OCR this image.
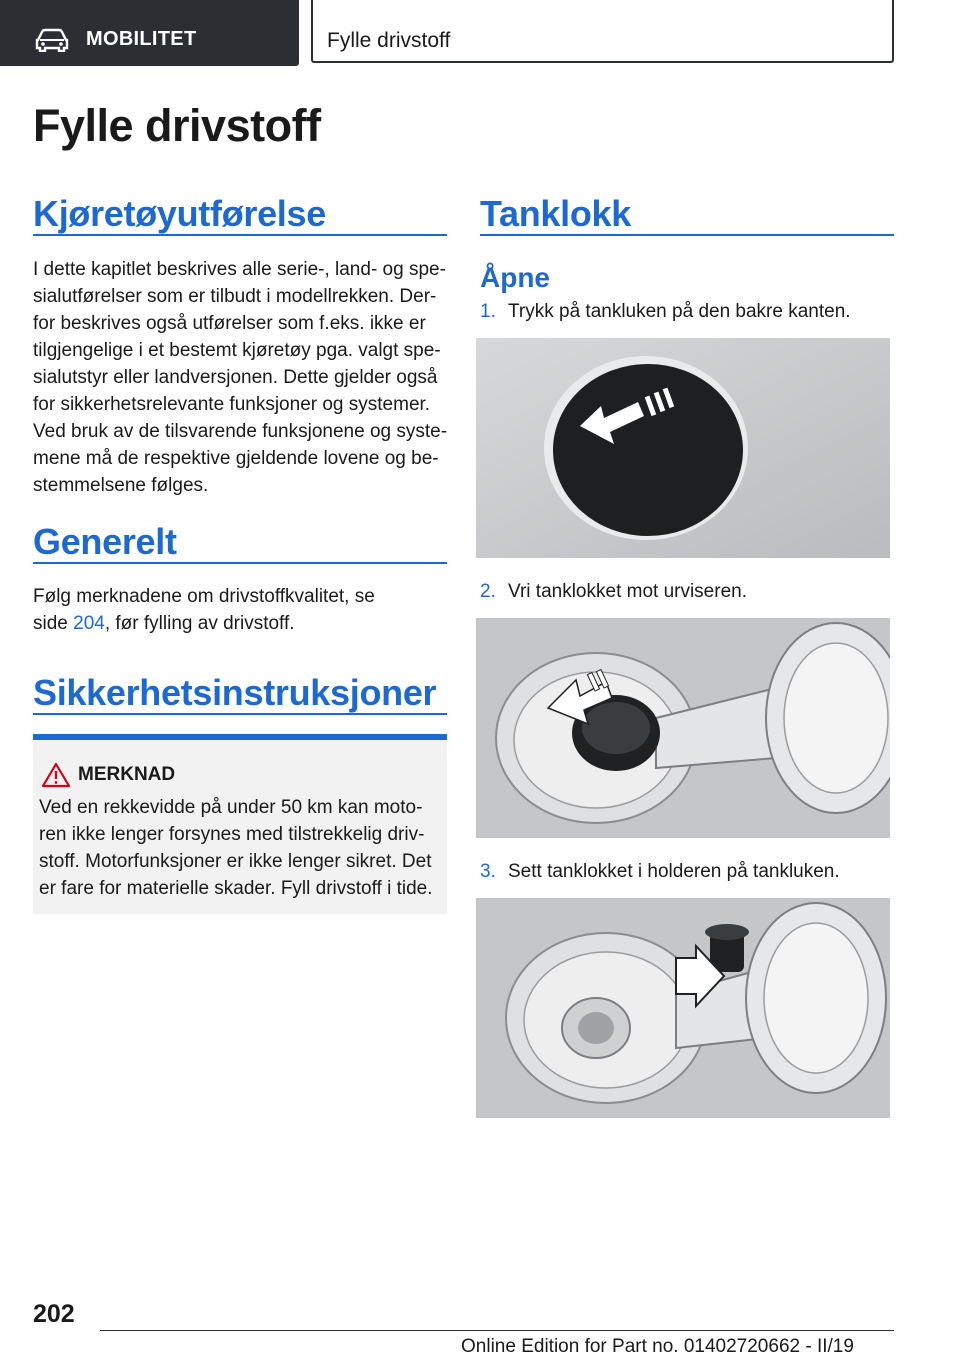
MOBILITET	Fylle drivstoff
Fylle drivstoff
Kjøretøyutførelse
I dette kapitlet beskrives alle serie-, land- og spe-
sialutførelser som er tilbudt i modellrekken. Der-
for beskrives også utførelser som f.eks. ikke er
tilgjengelige i et bestemt kjøretøy pga. valgt spe-
sialutstyr eller landversjonen. Dette gjelder også
for sikkerhetsrelevante funksjoner og systemer.
Ved bruk av de tilsvarende funksjonene og syste-
mene må de respektive gjeldende lovene og be-
stemmelsene følges.
Generelt
Følg merknadene om drivstoffkvalitet, se
side 204, før fylling av drivstoff.
Sikkerhetsinstruksjoner
MERKNAD
Ved en rekkevidde på under 50 km kan moto-
ren ikke lenger forsynes med tilstrekkelig driv-
stoff. Motorfunksjoner er ikke lenger sikret. Det
er fare for materielle skader. Fyll drivstoff i tide.
Tanklokk
Åpne
1. Trykk på tankluken på den bakre kanten.
2. Vri tanklokket mot urviseren.
3. Sett tanklokket i holderen på tankluken.
202
Online Edition for Part no. 01402720662 - II/19
